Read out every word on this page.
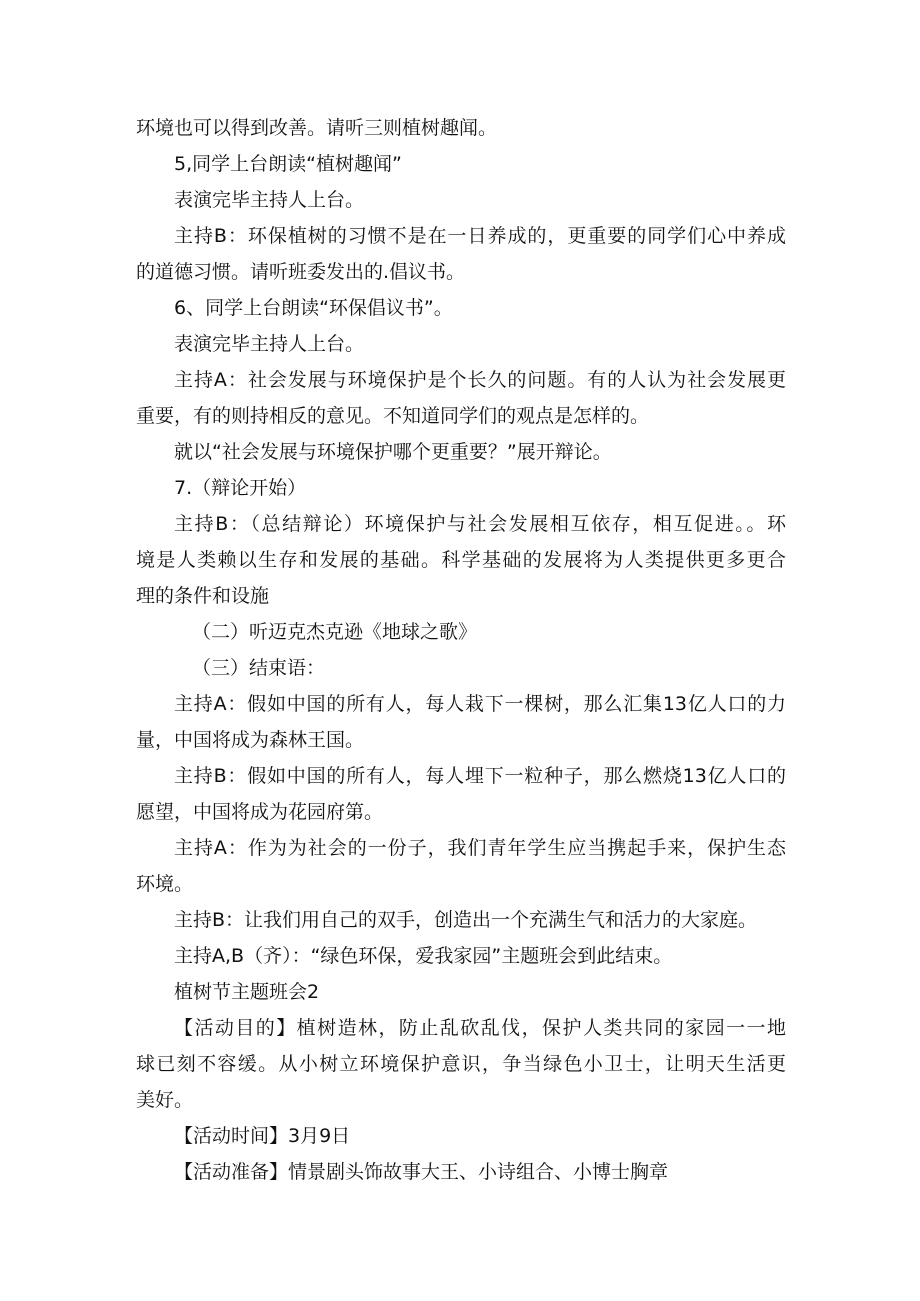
环境也可以得到改善。请听三则植树趣闻。
5,同学上台朗读“植树趣闻”
表演完毕主持人上台。
主持B：环保植树的习惯不是在一日养成的，更重要的同学们心中养成
的道德习惯。请听班委发出的.倡议书。
6、同学上台朗读“环保倡议书”。
表演完毕主持人上台。
主持A：社会发展与环境保护是个长久的问题。有的人认为社会发展更
重要，有的则持相反的意见。不知道同学们的观点是怎样的。
就以“社会发展与环境保护哪个更重要？”展开辩论。
7.（辩论开始）
主持B：（总结辩论）环境保护与社会发展相互依存，相互促进。。环
境是人类赖以生存和发展的基础。科学基础的发展将为人类提供更多更合
理的条件和设施
（二）听迈克杰克逊《地球之歌》
（三）结束语：
主持A：假如中国的所有人，每人栽下一棵树，那么汇集13亿人口的力
量，中国将成为森林王国。
主持B：假如中国的所有人，每人埋下一粒种子，那么燃烧13亿人口的
愿望，中国将成为花园府第。
主持A：作为为社会的一份子，我们青年学生应当携起手来，保护生态
环境。
主持B：让我们用自己的双手，创造出一个充满生气和活力的大家庭。
主持A,B（齐）：“绿色环保，爱我家园”主题班会到此结束。
植树节主题班会2
【活动目的】植树造林，防止乱砍乱伐，保护人类共同的家园一一地
球已刻不容缓。从小树立环境保护意识，争当绿色小卫士，让明天生活更
美好。
【活动时间】3月9日
【活动准备】情景剧头饰故事大王、小诗组合、小博士胸章
